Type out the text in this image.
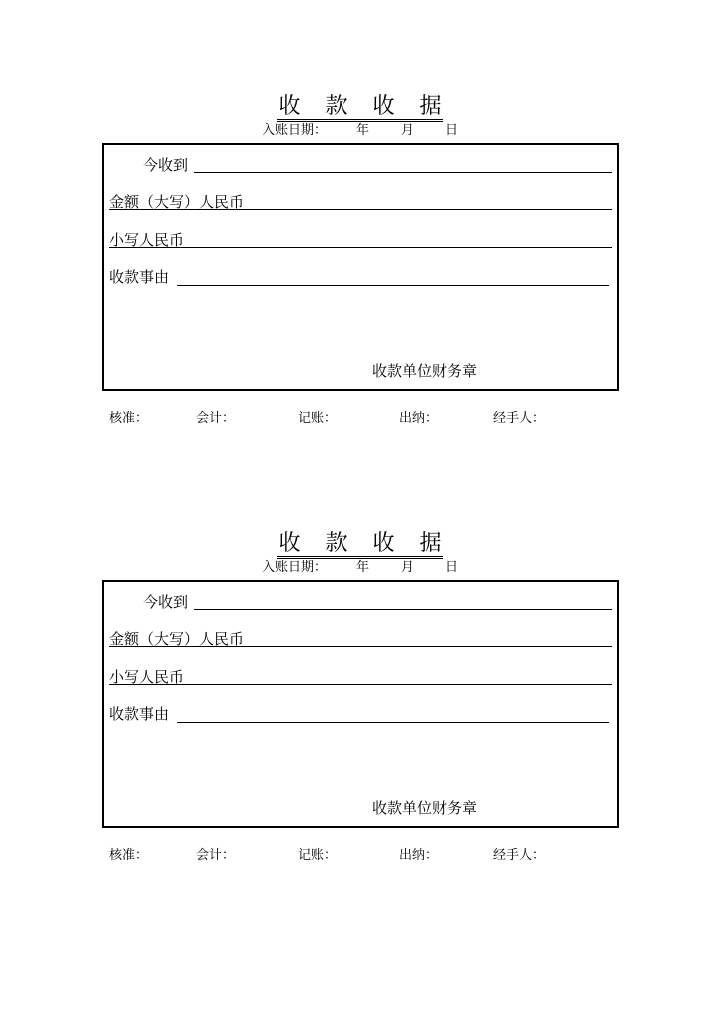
收 款 收 据
入账日期： 年 月 日
今收到
金额（大写）人民币
小写人民币
收款事由
收款单位财务章
核准：	会计：	记账：	出纳：	经手人：
收 款 收 据
入账日期： 年 月 日
今收到
金额（大写）人民币
小写人民币
收款事由
收款单位财务章
核准：	会计：	记账：	出纳：	经手人：
